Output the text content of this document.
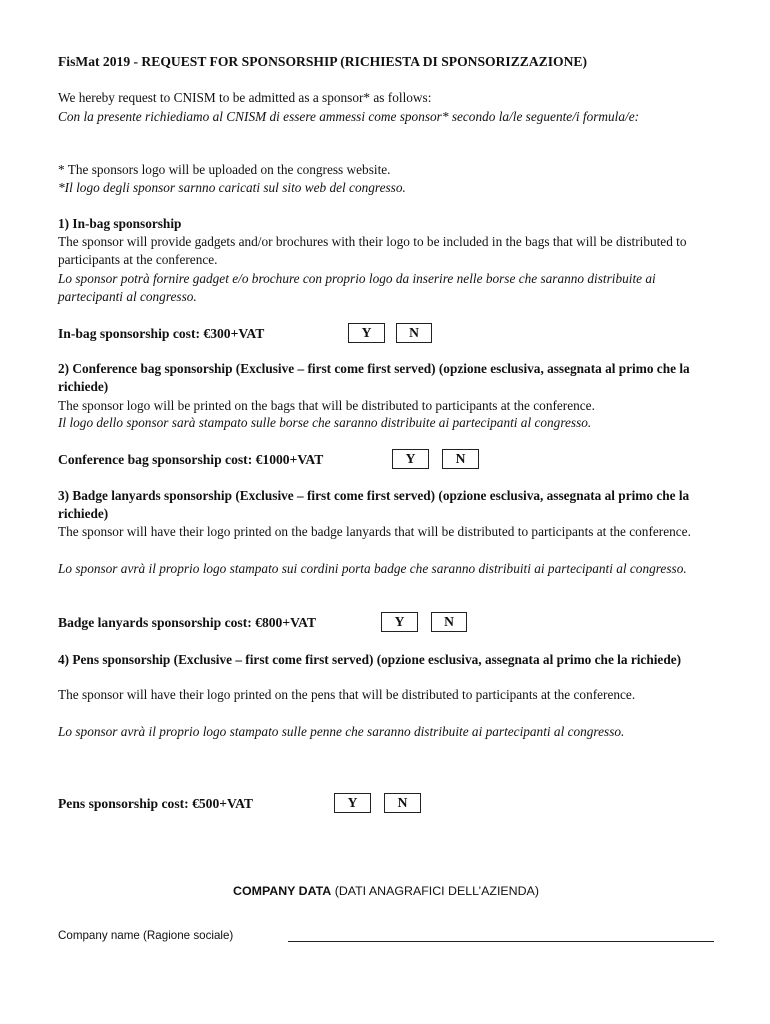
FisMat 2019 - REQUEST FOR SPONSORSHIP (RICHIESTA DI SPONSORIZZAZIONE)
We hereby request to CNISM to be admitted as a sponsor* as follows:
Con la presente richiediamo al CNISM di essere ammessi come sponsor* secondo la/le seguente/i formula/e:
* The sponsors logo will be uploaded on the congress website.
*Il logo degli sponsor sarnno caricati sul sito web del congresso.
1) In-bag sponsorship
The sponsor will provide gadgets and/or brochures with their logo to be included in the bags that will be distributed to participants at the conference.
Lo sponsor potrà fornire gadget e/o brochure con proprio logo da inserire nelle borse che saranno distribuite ai partecipanti al congresso.
In-bag sponsorship cost: €300+VAT	Y	N
2) Conference bag sponsorship (Exclusive – first come first served) (opzione esclusiva, assegnata al primo che la richiede)
The sponsor logo will be printed on the bags that will be distributed to participants at the conference.
Il logo dello sponsor sarà stampato sulle borse che saranno distribuite ai partecipanti al congresso.
Conference bag sponsorship cost: €1000+VAT	Y	N
3) Badge lanyards sponsorship (Exclusive – first come first served) (opzione esclusiva, assegnata al primo che la richiede)
The sponsor will have their logo printed on the badge lanyards that will be distributed to participants at the conference.
Lo sponsor avrà il proprio logo stampato sui cordini porta badge che saranno distribuiti ai partecipanti al congresso.
Badge lanyards sponsorship cost: €800+VAT	Y	N
4) Pens sponsorship (Exclusive – first come first served) (opzione esclusiva, assegnata al primo che la richiede)
The sponsor will have their logo printed on the pens that will be distributed to participants at the conference.
Lo sponsor avrà il proprio logo stampato sulle penne che saranno distribuite ai partecipanti al congresso.
Pens sponsorship cost: €500+VAT	Y	N
COMPANY DATA (DATI ANAGRAFICI DELL’AZIENDA)
Company name (Ragione sociale)
